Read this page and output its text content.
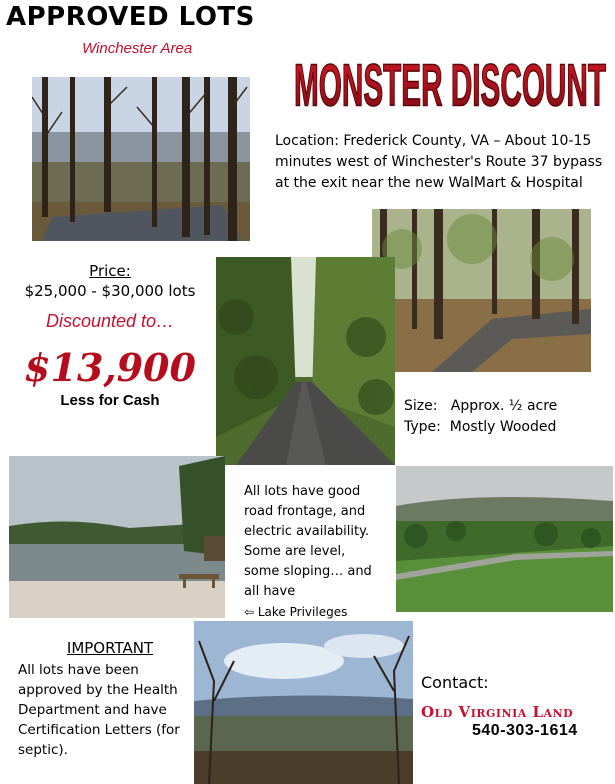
APPROVED LOTS
Winchester Area
MONSTER DISCOUNT
Location: Frederick County, VA – About 10-15 minutes west of Winchester's Route 37 bypass at the exit near the new WalMart & Hospital
Price:
$25,000 - $30,000 lots
Discounted to…
$13,900
Less for Cash	Size:   Approx. ½ acre
Type:  Mostly Wooded
All lots have good road frontage, and electric availability. Some are level, some sloping… and all have
⇦ Lake Privileges
IMPORTANT
All lots have been approved by the Health Department and have Certification Letters (for septic).
Contact:
Old Virginia Land
540-303-1614
